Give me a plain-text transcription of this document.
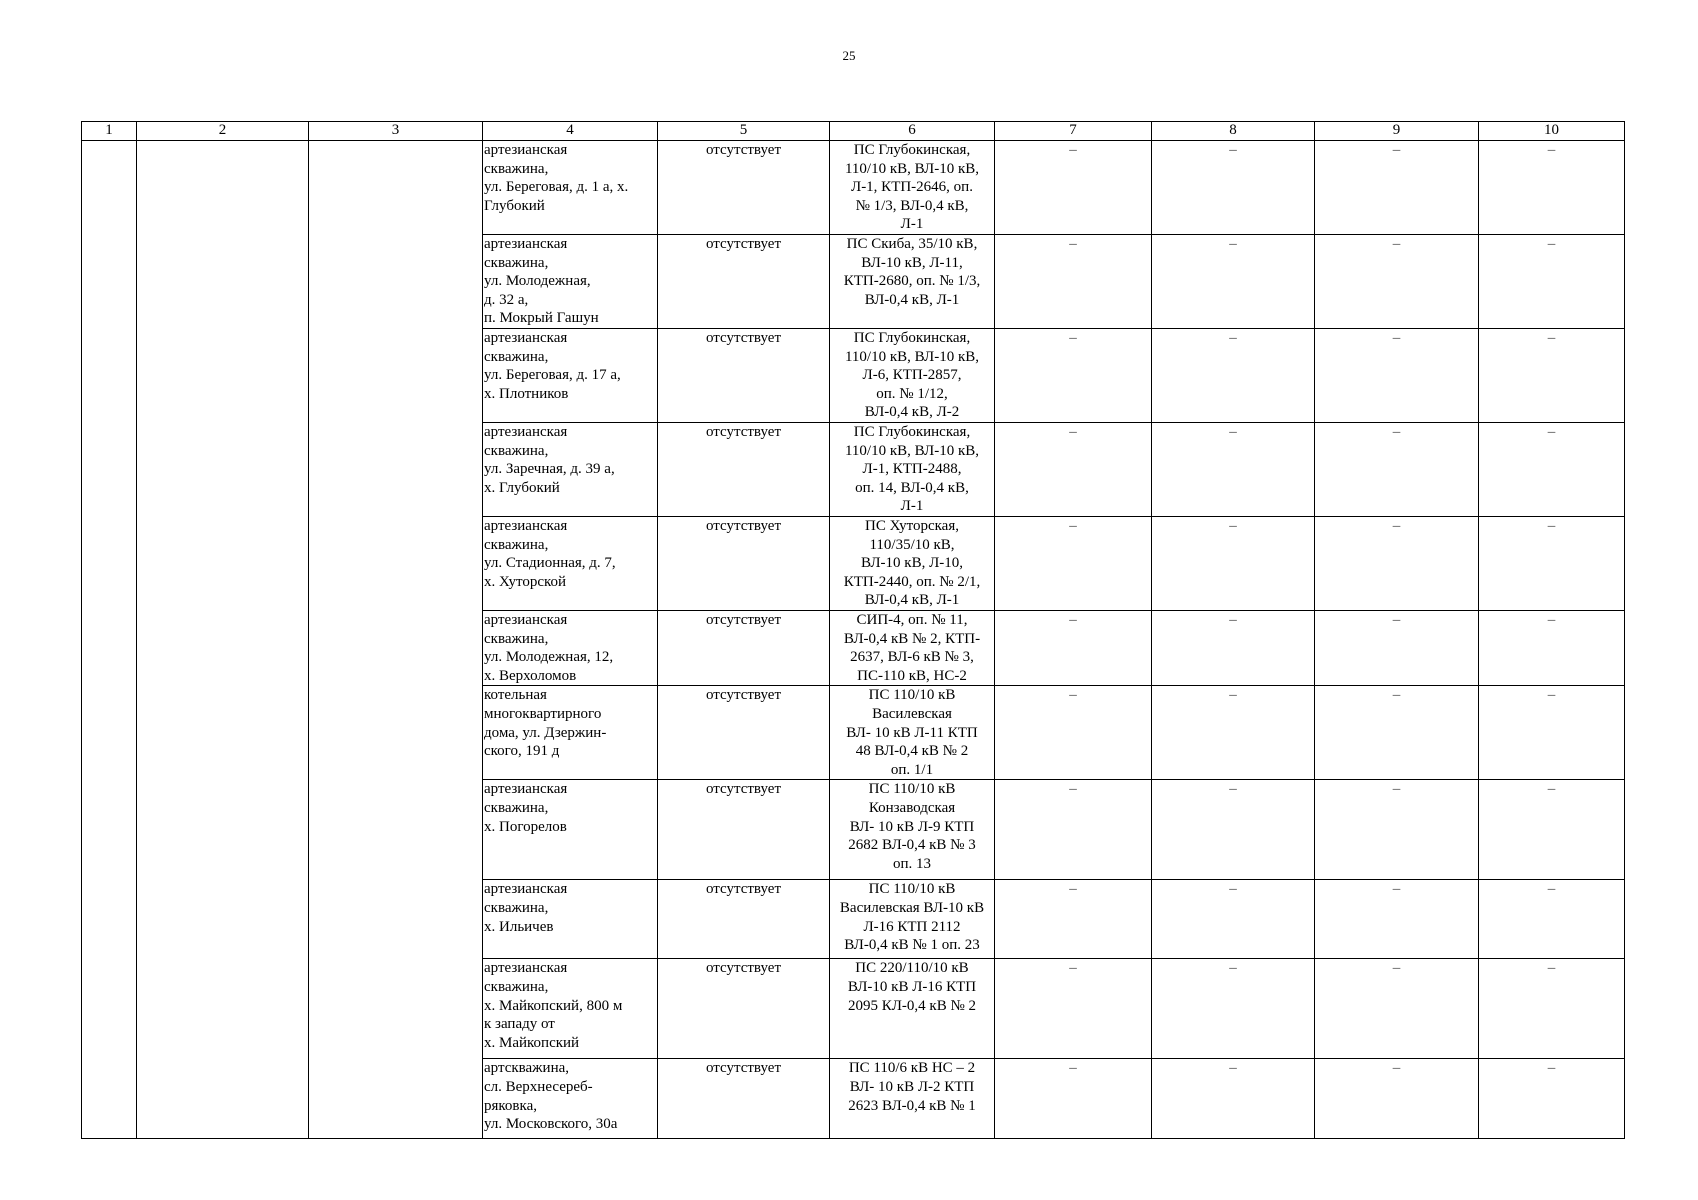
25
1	2	3	4	5	6	7	8	9	10
			артезианская
скважина,
ул. Береговая, д. 1 а, х.
Глубокий	отсутствует	ПС Глубокинская,
110/10 кВ, ВЛ-10 кВ,
Л-1, КТП-2646, оп.
№ 1/3, ВЛ-0,4 кВ,
Л-1	–	–	–	–
			артезианская
скважина,
ул. Молодежная,
д. 32 а,
п. Мокрый Гашун	отсутствует	ПС Скиба, 35/10 кВ,
ВЛ-10 кВ, Л-11,
КТП-2680, оп. № 1/3,
ВЛ-0,4 кВ, Л-1	–	–	–	–
			артезианская
скважина,
ул. Береговая, д. 17 а,
х. Плотников	отсутствует	ПС Глубокинская,
110/10 кВ, ВЛ-10 кВ,
Л-6, КТП-2857,
оп. № 1/12,
ВЛ-0,4 кВ, Л-2	–	–	–	–
			артезианская
скважина,
ул. Заречная, д. 39 а,
х. Глубокий	отсутствует	ПС Глубокинская,
110/10 кВ, ВЛ-10 кВ,
Л-1, КТП-2488,
оп. 14, ВЛ-0,4 кВ,
Л-1	–	–	–	–
			артезианская
скважина,
ул. Стадионная, д. 7,
х. Хуторской	отсутствует	ПС Хуторская,
110/35/10 кВ,
ВЛ-10 кВ, Л-10,
КТП-2440, оп. № 2/1,
ВЛ-0,4 кВ, Л-1	–	–	–	–
			артезианская
скважина,
ул. Молодежная, 12,
х. Верхоломов	отсутствует	СИП-4, оп. № 11,
ВЛ-0,4 кВ № 2, КТП-
2637, ВЛ-6 кВ № 3,
ПС-110 кВ, НС-2	–	–	–	–
			котельная
многоквартирного
дома, ул. Дзержин-
ского, 191 д	отсутствует	ПС 110/10 кВ
Василевская
ВЛ- 10 кВ Л-11 КТП
48 ВЛ-0,4 кВ № 2
оп. 1/1	–	–	–	–
			артезианская
скважина,
х. Погорелов	отсутствует	ПС 110/10 кВ
Конзаводская
ВЛ- 10 кВ Л-9 КТП
2682 ВЛ-0,4 кВ № 3
оп. 13	–	–	–	–
			артезианская
скважина,
х. Ильичев	отсутствует	ПС 110/10 кВ
Василевская ВЛ-10 кВ
Л-16 КТП 2112
ВЛ-0,4 кВ № 1 оп. 23	–	–	–	–
			артезианская
скважина,
х. Майкопский, 800 м
к западу от
х. Майкопский	отсутствует	ПС 220/110/10 кВ
ВЛ-10 кВ Л-16 КТП
2095 КЛ-0,4 кВ № 2	–	–	–	–
			артскважина,
сл. Верхнесереб-
ряковка,
ул. Московского, 30а	отсутствует	ПС 110/6 кВ НС – 2
ВЛ- 10 кВ Л-2 КТП
2623 ВЛ-0,4 кВ № 1	–	–	–	–
